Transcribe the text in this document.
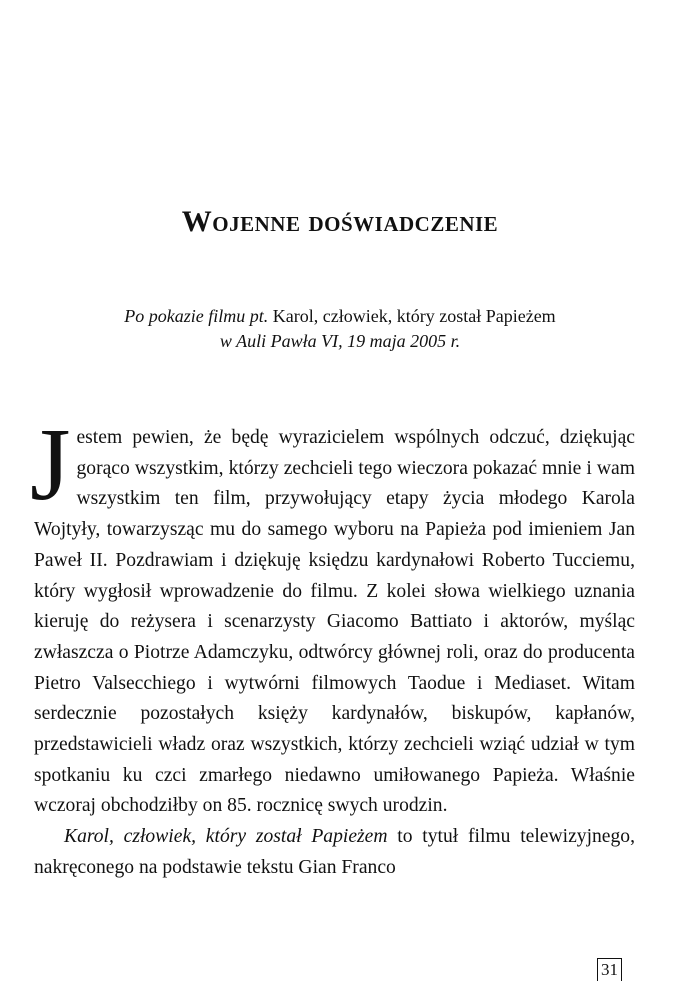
Wojenne doświadczenie
Po pokazie filmu pt. Karol, człowiek, który został Papieżem
w Auli Pawła VI, 19 maja 2005 r.

Jestem pewien, że będę wyrazicielem wspólnych odczuć, dziękując gorąco wszystkim, którzy zechcieli tego wieczora pokazać mnie i wam wszystkim ten film, przywołujący etapy życia młodego Karola Wojtyły, towarzysząc mu do samego wyboru na Papieża pod imieniem Jan Paweł II. Pozdrawiam i dziękuję księdzu kardynałowi Roberto Tucciemu, który wygłosił wprowadzenie do filmu. Z kolei słowa wielkiego uznania kieruję do reżysera i scenarzysty Giacomo Battiato i aktorów, myśląc zwłaszcza o Piotrze Adamczyku, odtwórcy głównej roli, oraz do producenta Pietro Valsecchiego i wytwórni filmowych Taodue i Mediaset. Witam serdecznie pozostałych księży kardynałów, biskupów, kapłanów, przedstawicieli władz oraz wszystkich, którzy zechcieli wziąć udział w tym spotkaniu ku czci zmarłego niedawno umiłowanego Papieża. Właśnie wczoraj obchodziłby on 85. rocznicę swych urodzin.

Karol, człowiek, który został Papieżem to tytuł filmu telewizyjnego, nakręconego na podstawie tekstu Gian Franco

31
